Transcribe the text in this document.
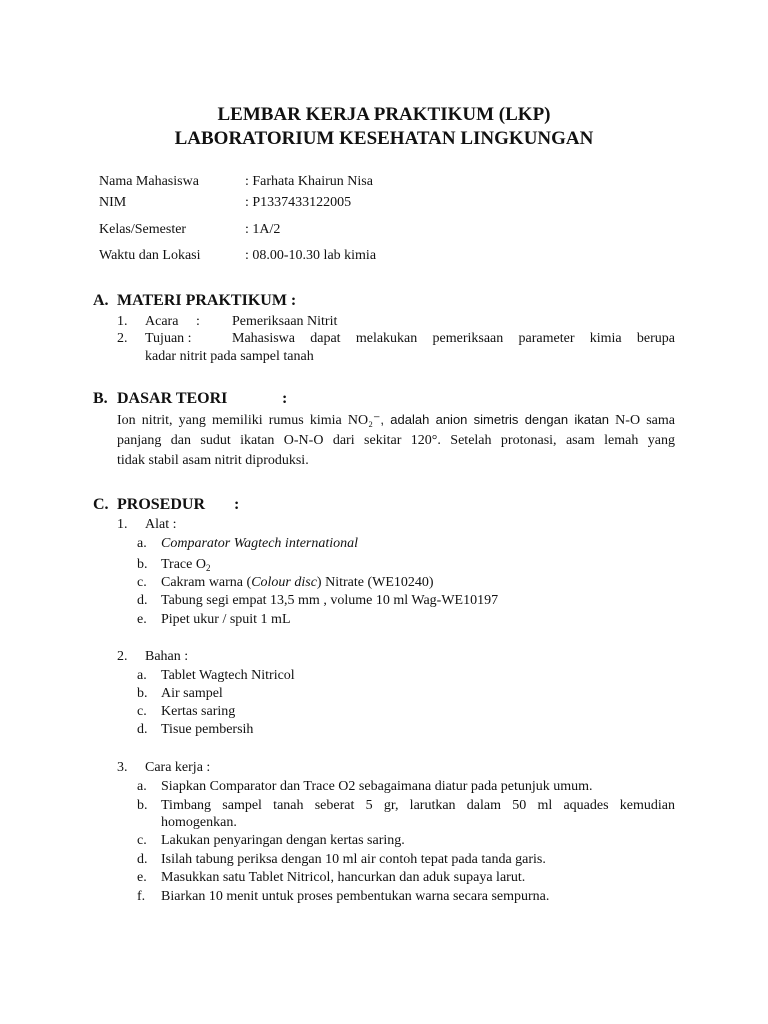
LEMBAR KERJA PRAKTIKUM (LKP)
LABORATORIUM KESEHATAN LINGKUNGAN
Nama Mahasiswa	: Farhata Khairun Nisa
NIM	: P1337433122005
Kelas/Semester	: 1A/2
Waktu dan Lokasi	: 08.00-10.30 lab kimia
A. MATERI PRAKTIKUM :
1. Acara : Pemeriksaan Nitrit
2. Tujuan :	Mahasiswa dapat melakukan pemeriksaan parameter kimia berupa
kadar nitrit pada sampel tanah
B. DASAR TEORI	:
Ion nitrit, yang memiliki rumus kimia NO₂⁻, adalah anion simetris dengan ikatan N-O sama
panjang dan sudut ikatan O-N-O dari sekitar 120°. Setelah protonasi, asam lemah yang
tidak stabil asam nitrit diproduksi.
C. PROSEDUR :
1. Alat :
a. Comparator Wagtech international
b. Trace $O_2$
c. Cakram warna (Colour disc) Nitrate (WE10240)
d. Tabung segi empat 13,5 mm , volume 10 ml Wag-WE10197
e. Pipet ukur / spuit 1 mL
2. Bahan :
a. Tablet Wagtech Nitricol
b. Air sampel
c. Kertas saring
d. Tisue pembersih
3. Cara kerja :
a. Siapkan Comparator dan Trace O2 sebagaimana diatur pada petunjuk umum.
b. Timbang sampel tanah seberat 5 gr, larutkan dalam 50 ml aquades kemudian
homogenkan.
c. Lakukan penyaringan dengan kertas saring.
d. Isilah tabung periksa dengan 10 ml air contoh tepat pada tanda garis.
e. Masukkan satu Tablet Nitricol, hancurkan dan aduk supaya larut.
f. Biarkan 10 menit untuk proses pembentukan warna secara sempurna.
